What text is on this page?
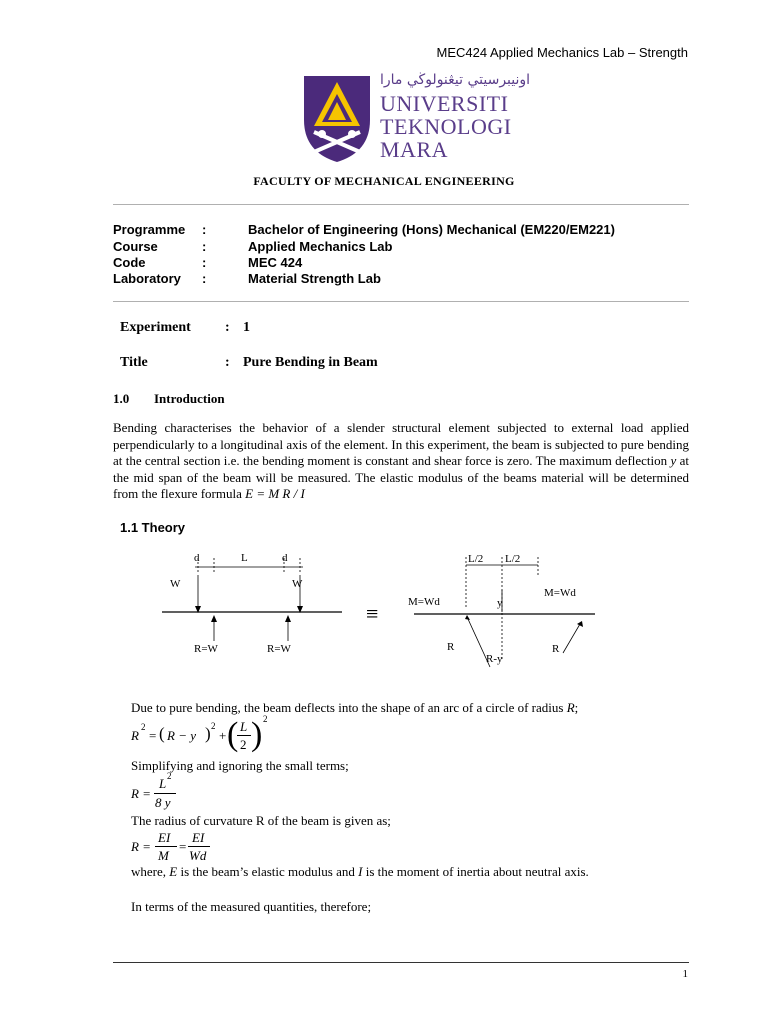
MEC424 Applied Mechanics Lab – Strength
اونيبرسيتي تيڠنولوڬي مارا
UNIVERSITI
TEKNOLOGI
MARA
FACULTY OF MECHANICAL ENGINEERING
Programme	:	Bachelor of Engineering (Hons) Mechanical (EM220/EM221)
Course	:	Applied Mechanics Lab
Code	:	MEC 424
Laboratory	:	Material Strength Lab
Experiment : 1
Title	: Pure Bending in Beam
1.0 Introduction
Bending characterises the behavior of a slender structural element subjected to external load applied perpendicularly to a longitudinal axis of the element. In this experiment, the beam is subjected to pure bending at the central section i.e. the bending moment is constant and shear force is zero. The maximum deflection y at the mid span of the beam will be measured. The elastic modulus of the beams material will be determined from the flexure formula E = M R / I
1.1 Theory
d	L	d
W	W
R=W	R=W
≡
L/2 L/2
M=Wd
M=Wd
y
R
R-y
R
Due to pure bending, the beam deflects into the shape of an arc of a circle of radius R;
R
2
= ( R − y ) 2
+ ( L
2 ) 2
Simplifying and ignoring the small terms;
R =
L 2
8 y
The radius of curvature R of the beam is given as;
R =
EI
M
=
EI
Wd
where, E is the beam’s elastic modulus and I is the moment of inertia about neutral axis.
In terms of the measured quantities, therefore;
1
